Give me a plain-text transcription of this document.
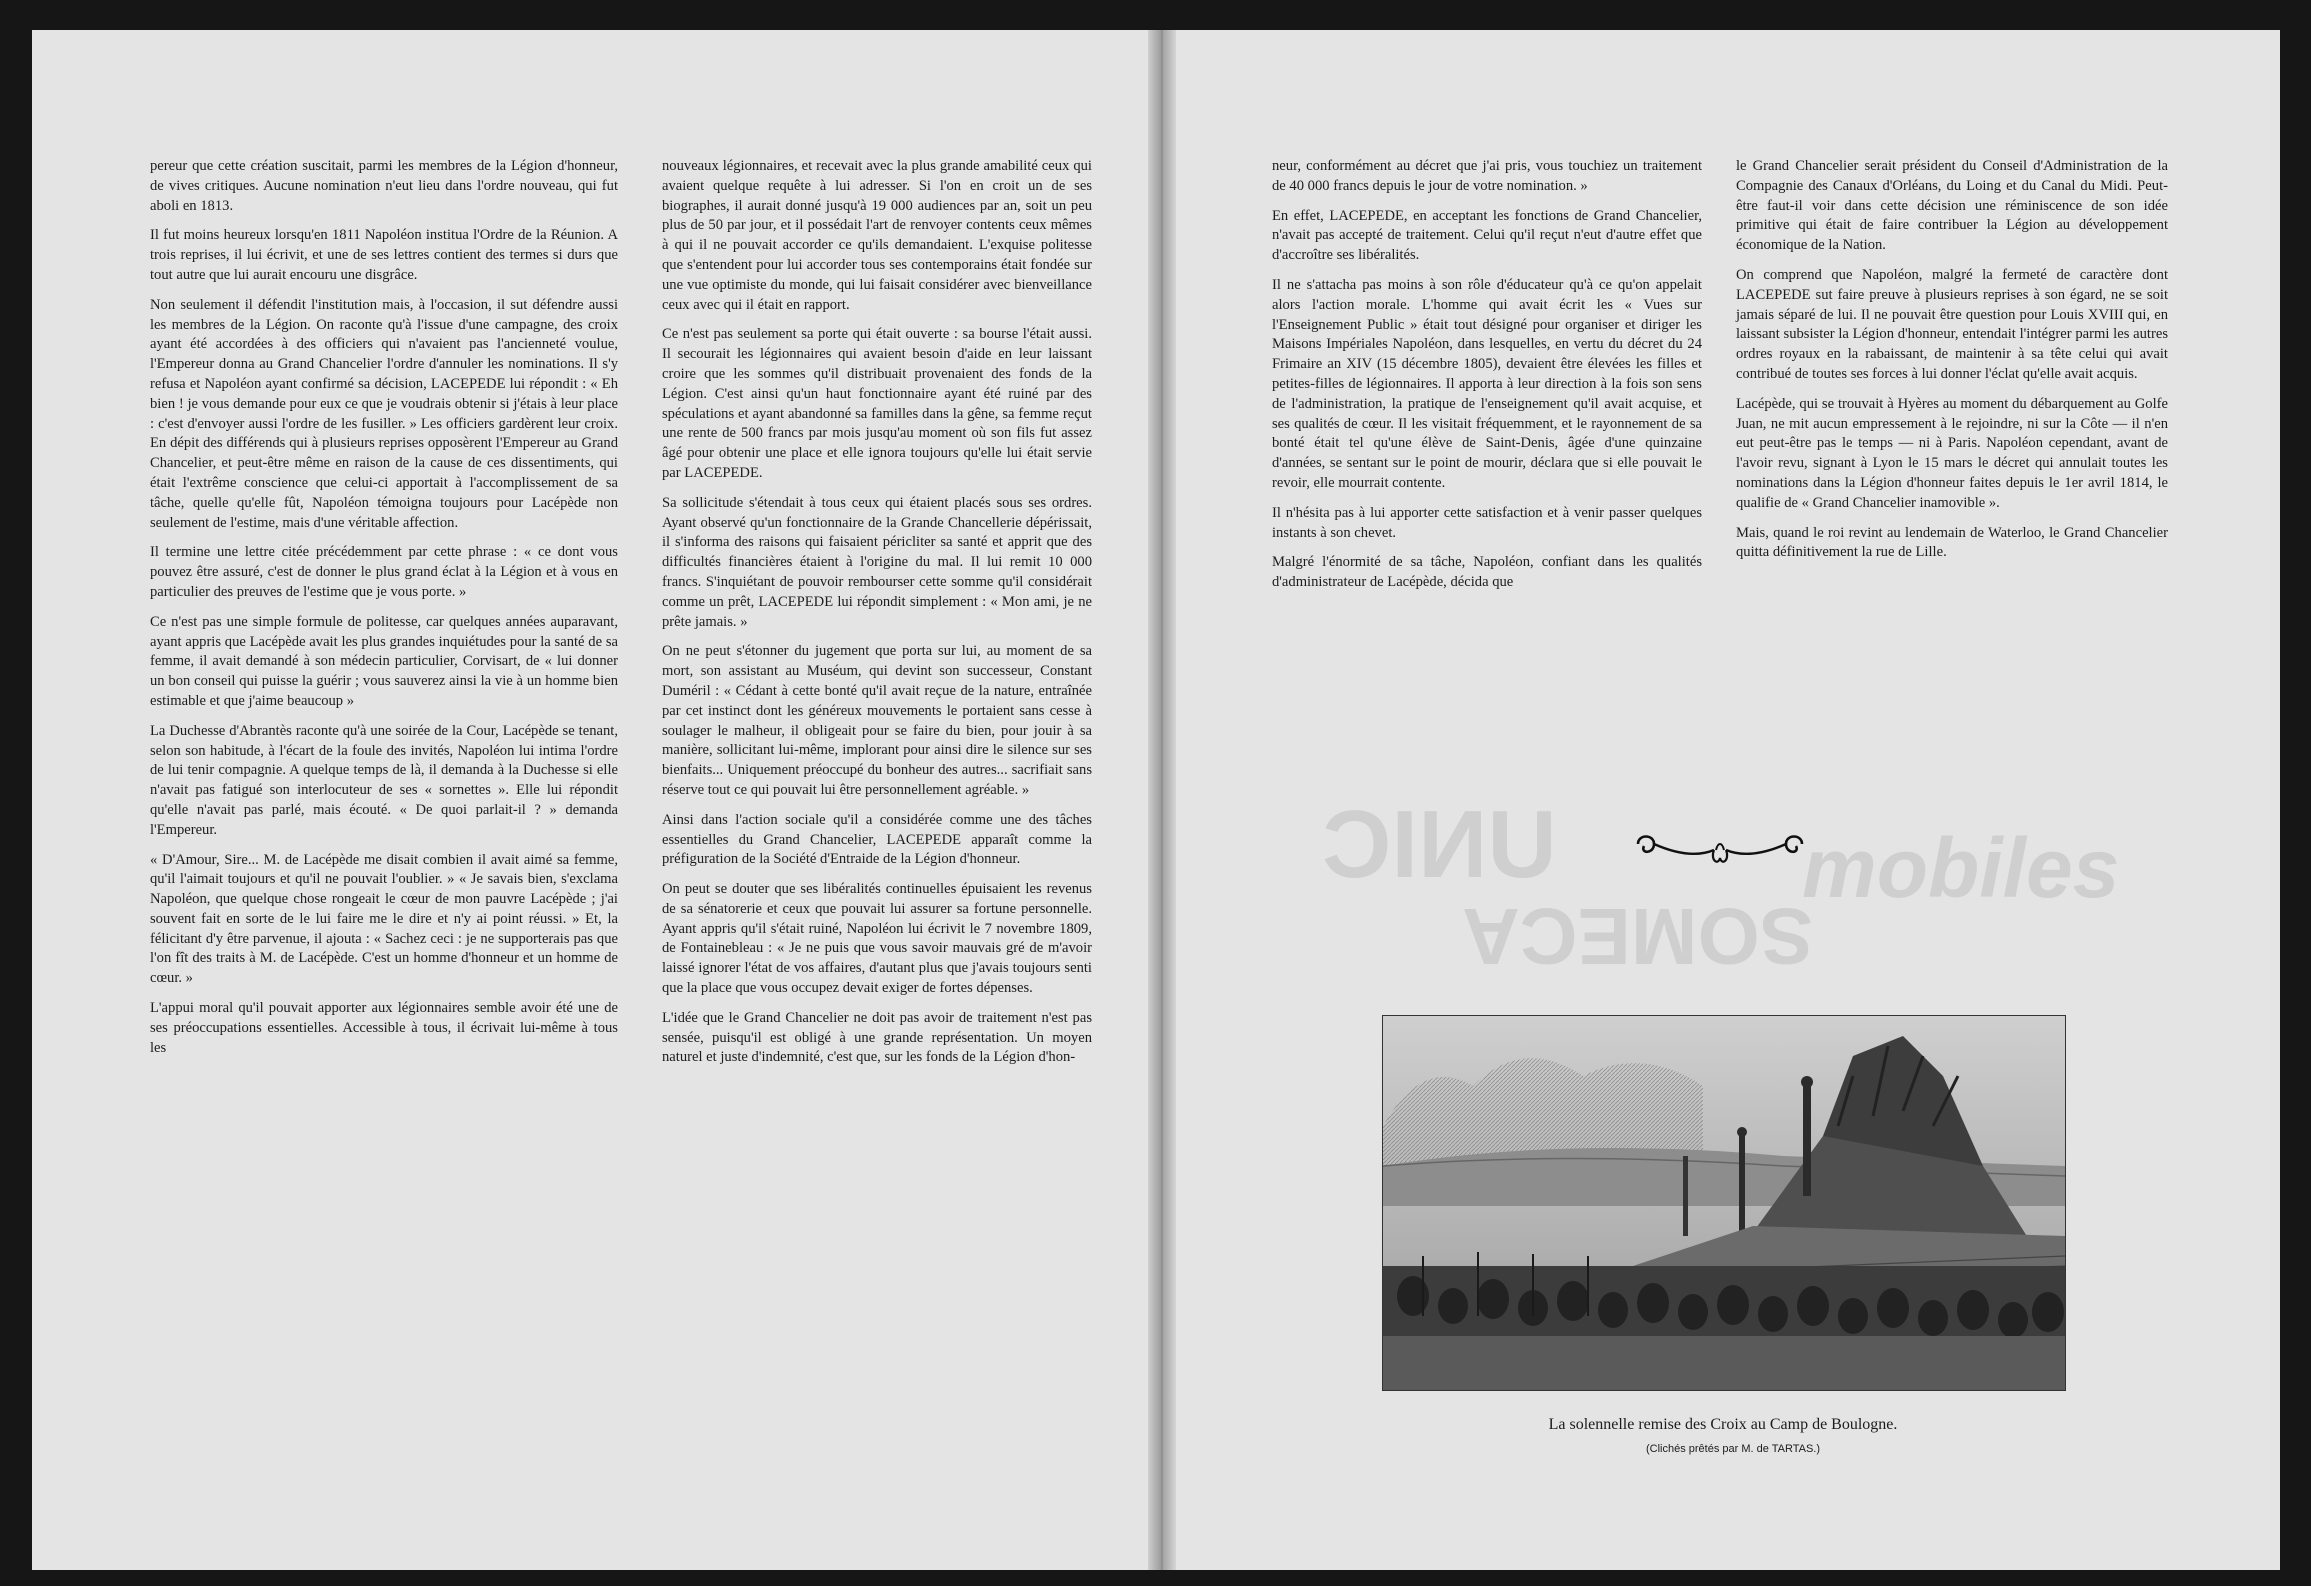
pereur que cette création suscitait, parmi les membres de la Légion d'honneur, de vives critiques. Aucune nomination n'eut lieu dans l'ordre nouveau, qui fut aboli en 1813.

Il fut moins heureux lorsqu'en 1811 Napoléon institua l'Ordre de la Réunion. A trois reprises, il lui écrivit, et une de ses lettres contient des termes si durs que tout autre que lui aurait encouru une disgrâce.

Non seulement il défendit l'institution mais, à l'occasion, il sut défendre aussi les membres de la Légion. On raconte qu'à l'issue d'une campagne, des croix ayant été accordées à des officiers qui n'avaient pas l'ancienneté voulue, l'Empereur donna au Grand Chancelier l'ordre d'annuler les nominations. Il s'y refusa et Napoléon ayant confirmé sa décision, LACEPEDE lui répondit : « Eh bien ! je vous demande pour eux ce que je voudrais obtenir si j'étais à leur place : c'est d'envoyer aussi l'ordre de les fusiller. » Les officiers gardèrent leur croix. En dépit des différends qui à plusieurs reprises opposèrent l'Empereur au Grand Chancelier, et peut-être même en raison de la cause de ces dissentiments, qui était l'extrême conscience que celui-ci apportait à l'accomplissement de sa tâche, quelle qu'elle fût, Napoléon témoigna toujours pour Lacépède non seulement de l'estime, mais d'une véritable affection.

Il termine une lettre citée précédemment par cette phrase : « ce dont vous pouvez être assuré, c'est de donner le plus grand éclat à la Légion et à vous en particulier des preuves de l'estime que je vous porte. »

Ce n'est pas une simple formule de politesse, car quelques années auparavant, ayant appris que Lacépède avait les plus grandes inquiétudes pour la santé de sa femme, il avait demandé à son médecin particulier, Corvisart, de « lui donner un bon conseil qui puisse la guérir ; vous sauverez ainsi la vie à un homme bien estimable et que j'aime beaucoup »

La Duchesse d'Abrantès raconte qu'à une soirée de la Cour, Lacépède se tenant, selon son habitude, à l'écart de la foule des invités, Napoléon lui intima l'ordre de lui tenir compagnie. A quelque temps de là, il demanda à la Duchesse si elle n'avait pas fatigué son interlocuteur de ses « sornettes ». Elle lui répondit qu'elle n'avait pas parlé, mais écouté. « De quoi parlait-il ? » demanda l'Empereur.

« D'Amour, Sire... M. de Lacépède me disait combien il avait aimé sa femme, qu'il l'aimait toujours et qu'il ne pouvait l'oublier. » « Je savais bien, s'exclama Napoléon, que quelque chose rongeait le cœur de mon pauvre Lacépède ; j'ai souvent fait en sorte de le lui faire me le dire et n'y ai point réussi. » Et, la félicitant d'y être parvenue, il ajouta : « Sachez ceci : je ne supporterais pas que l'on fît des traits à M. de Lacépède. C'est un homme d'honneur et un homme de cœur. »

L'appui moral qu'il pouvait apporter aux légionnaires semble avoir été une de ses préoccupations essentielles. Accessible à tous, il écrivait lui-même à tous les

nouveaux légionnaires, et recevait avec la plus grande amabilité ceux qui avaient quelque requête à lui adresser. Si l'on en croit un de ses biographes, il aurait donné jusqu'à 19 000 audiences par an, soit un peu plus de 50 par jour, et il possédait l'art de renvoyer contents ceux mêmes à qui il ne pouvait accorder ce qu'ils demandaient. L'exquise politesse que s'entendent pour lui accorder tous ses contemporains était fondée sur une vue optimiste du monde, qui lui faisait considérer avec bienveillance ceux avec qui il était en rapport.

Ce n'est pas seulement sa porte qui était ouverte : sa bourse l'était aussi. Il secourait les légionnaires qui avaient besoin d'aide en leur laissant croire que les sommes qu'il distribuait provenaient des fonds de la Légion. C'est ainsi qu'un haut fonctionnaire ayant été ruiné par des spéculations et ayant abandonné sa familles dans la gêne, sa femme reçut une rente de 500 francs par mois jusqu'au moment où son fils fut assez âgé pour obtenir une place et elle ignora toujours qu'elle lui était servie par LACEPEDE.

Sa sollicitude s'étendait à tous ceux qui étaient placés sous ses ordres. Ayant observé qu'un fonctionnaire de la Grande Chancellerie dépérissait, il s'informa des raisons qui faisaient péricliter sa santé et apprit que des difficultés financières étaient à l'origine du mal. Il lui remit 10 000 francs. S'inquiétant de pouvoir rembourser cette somme qu'il considérait comme un prêt, LACEPEDE lui répondit simplement : « Mon ami, je ne prête jamais. »

On ne peut s'étonner du jugement que porta sur lui, au moment de sa mort, son assistant au Muséum, qui devint son successeur, Constant Duméril : « Cédant à cette bonté qu'il avait reçue de la nature, entraînée par cet instinct dont les généreux mouvements le portaient sans cesse à soulager le malheur, il obligeait pour se faire du bien, pour jouir à sa manière, sollicitant lui-même, implorant pour ainsi dire le silence sur ses bienfaits... Uniquement préoccupé du bonheur des autres... sacrifiait sans réserve tout ce qui pouvait lui être personnellement agréable. »

Ainsi dans l'action sociale qu'il a considérée comme une des tâches essentielles du Grand Chancelier, LACEPEDE apparaît comme la préfiguration de la Société d'Entraide de la Légion d'honneur.

On peut se douter que ses libéralités continuelles épuisaient les revenus de sa sénatorerie et ceux que pouvait lui assurer sa fortune personnelle. Ayant appris qu'il s'était ruiné, Napoléon lui écrivit le 7 novembre 1809, de Fontainebleau : « Je ne puis que vous savoir mauvais gré de m'avoir laissé ignorer l'état de vos affaires, d'autant plus que j'avais toujours senti que la place que vous occupez devait exiger de fortes dépenses.

L'idée que le Grand Chancelier ne doit pas avoir de traitement n'est pas sensée, puisqu'il est obligé à une grande représentation. Un moyen naturel et juste d'indemnité, c'est que, sur les fonds de la Légion d'hon-

UNIC	mobiles
SOMECA

neur, conformément au décret que j'ai pris, vous touchiez un traitement de 40 000 francs depuis le jour de votre nomination. »

En effet, LACEPEDE, en acceptant les fonctions de Grand Chancelier, n'avait pas accepté de traitement. Celui qu'il reçut n'eut d'autre effet que d'accroître ses libéralités.

Il ne s'attacha pas moins à son rôle d'éducateur qu'à ce qu'on appelait alors l'action morale. L'homme qui avait écrit les « Vues sur l'Enseignement Public » était tout désigné pour organiser et diriger les Maisons Impériales Napoléon, dans lesquelles, en vertu du décret du 24 Frimaire an XIV (15 décembre 1805), devaient être élevées les filles et petites-filles de légionnaires. Il apporta à leur direction à la fois son sens de l'administration, la pratique de l'enseignement qu'il avait acquise, et ses qualités de cœur. Il les visitait fréquemment, et le rayonnement de sa bonté était tel qu'une élève de Saint-Denis, âgée d'une quinzaine d'années, se sentant sur le point de mourir, déclara que si elle pouvait le revoir, elle mourrait contente.

Il n'hésita pas à lui apporter cette satisfaction et à venir passer quelques instants à son chevet.

Malgré l'énormité de sa tâche, Napoléon, confiant dans les qualités d'administrateur de Lacépède, décida que

le Grand Chancelier serait président du Conseil d'Administration de la Compagnie des Canaux d'Orléans, du Loing et du Canal du Midi. Peut-être faut-il voir dans cette décision une réminiscence de son idée primitive qui était de faire contribuer la Légion au développement économique de la Nation.

On comprend que Napoléon, malgré la fermeté de caractère dont LACEPEDE sut faire preuve à plusieurs reprises à son égard, ne se soit jamais séparé de lui. Il ne pouvait être question pour Louis XVIII qui, en laissant subsister la Légion d'honneur, entendait l'intégrer parmi les autres ordres royaux en la rabaissant, de maintenir à sa tête celui qui avait contribué de toutes ses forces à lui donner l'éclat qu'elle avait acquis.

Lacépède, qui se trouvait à Hyères au moment du débarquement au Golfe Juan, ne mit aucun empressement à le rejoindre, ni sur la Côte — il n'en eut peut-être pas le temps — ni à Paris. Napoléon cependant, avant de l'avoir revu, signant à Lyon le 15 mars le décret qui annulait toutes les nominations dans la Légion d'honneur faites depuis le 1er avril 1814, le qualifie de « Grand Chancelier inamovible ».

Mais, quand le roi revint au lendemain de Waterloo, le Grand Chancelier quitta définitivement la rue de Lille.

La solennelle remise des Croix au Camp de Boulogne.
(Clichés prêtés par M. de TARTAS.)
